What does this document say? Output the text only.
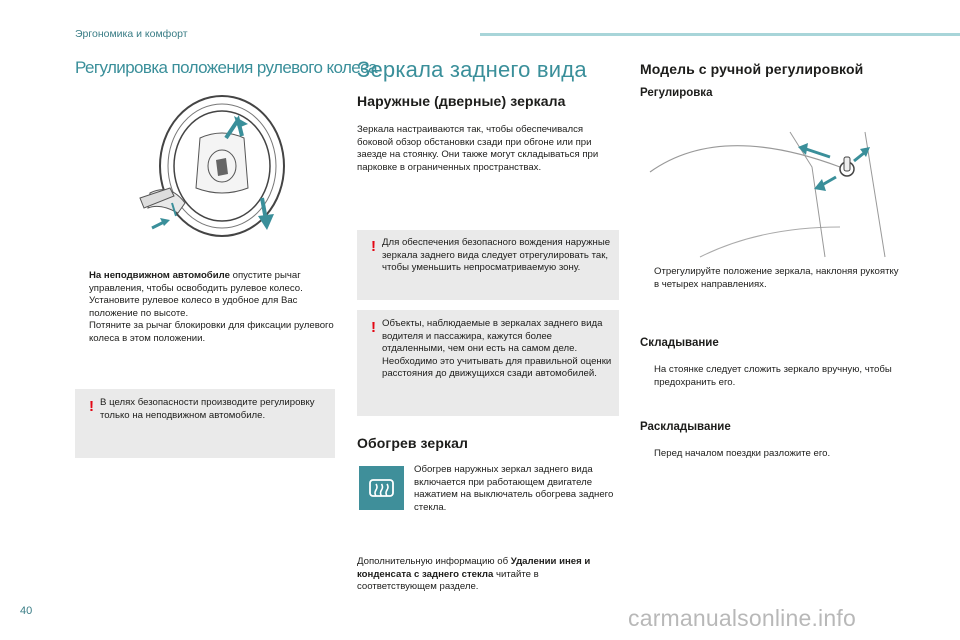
Эргономика и комфорт
Регулировка положения рулевого колеса
На неподвижном автомобиле опустите рычаг управления, чтобы освободить рулевое колесо.
Установите рулевое колесо в удобное для Вас положение по высоте.
Потяните за рычаг блокировки для фиксации рулевого колеса в этом положении.
! В целях безопасности производите регулировку только на неподвижном автомобиле.
Зеркала заднего вида
Наружные (дверные) зеркала
Зеркала настраиваются так, чтобы обеспечивался боковой обзор обстановки сзади при обгоне или при заезде на стоянку. Они также могут складываться при парковке в ограниченных пространствах.
! Для обеспечения безопасного вождения наружные зеркала заднего вида следует отрегулировать так, чтобы уменьшить непросматриваемую зону.
! Объекты, наблюдаемые в зеркалах заднего вида водителя и пассажира, кажутся более отдаленными, чем они есть на самом деле. Необходимо это учитывать для правильной оценки расстояния до движущихся сзади автомобилей.
Обогрев зеркал
Обогрев наружных зеркал заднего вида включается при работающем двигателе нажатием на выключатель обогрева заднего стекла.
Дополнительную информацию об Удалении инея и конденсата с заднего стекла читайте в соответствующем разделе.
Модель с ручной регулировкой
Регулировка
Отрегулируйте положение зеркала, наклоняя рукоятку в четырех направлениях.
Складывание
На стоянке следует сложить зеркало вручную, чтобы предохранить его.
Раскладывание
Перед началом поездки разложите его.
40	carmanualsonline.info
